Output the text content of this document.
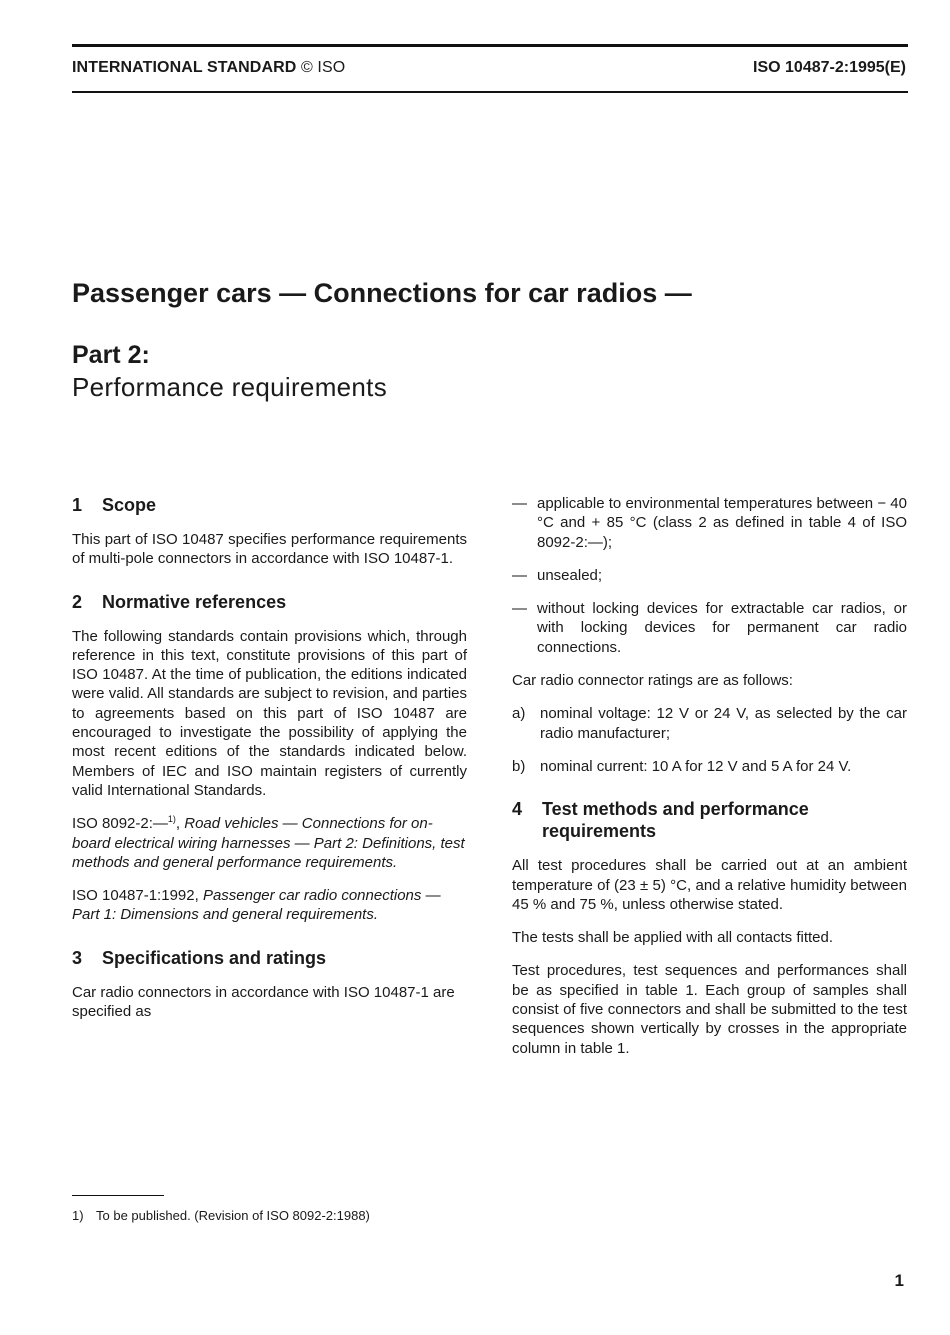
INTERNATIONAL STANDARD © ISO	ISO 10487-2:1995(E)
Passenger cars — Connections for car radios —
Part 2:
Performance requirements
1 Scope

This part of ISO 10487 specifies performance requirements of multi-pole connectors in accordance with ISO 10487-1.

2 Normative references

The following standards contain provisions which, through reference in this text, constitute provisions of this part of ISO 10487. At the time of publication, the editions indicated were valid. All standards are subject to revision, and parties to agreements based on this part of ISO 10487 are encouraged to investigate the possibility of applying the most recent editions of the standards indicated below. Members of IEC and ISO maintain registers of currently valid International Standards.

ISO 8092-2:—$^{1)}$, Road vehicles — Connections for on-board electrical wiring harnesses — Part 2: Definitions, test methods and general performance requirements.

ISO 10487-1:1992, Passenger car radio connections — Part 1: Dimensions and general requirements.

3 Specifications and ratings

Car radio connectors in accordance with ISO 10487-1 are specified as

— applicable to environmental temperatures between − 40 °C and + 85 °C (class 2 as defined in table 4 of ISO 8092-2:—);
— unsealed;
— without locking devices for extractable car radios, or with locking devices for permanent car radio connections.

Car radio connector ratings are as follows:

a) nominal voltage: 12 V or 24 V, as selected by the car radio manufacturer;
b) nominal current: 10 A for 12 V and 5 A for 24 V.
4	Test methods and performance requirements

All test procedures shall be carried out at an ambient temperature of (23 ± 5) °C, and a relative humidity between 45 % and 75 %, unless otherwise stated.

The tests shall be applied with all contacts fitted.

Test procedures, test sequences and performances shall be as specified in table 1. Each group of samples shall consist of five connectors and shall be submitted to the test sequences shown vertically by crosses in the appropriate column in table 1.

1) To be published. (Revision of ISO 8092-2:1988)
1
